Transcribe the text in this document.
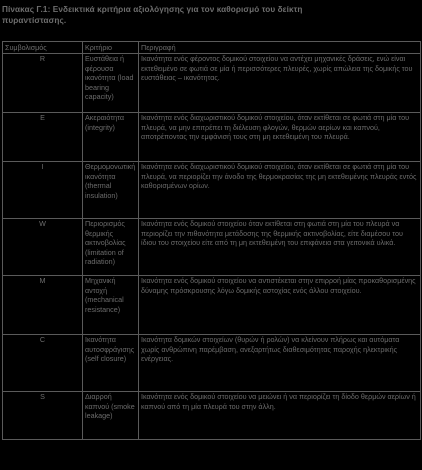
Πίνακας Γ.1: Ενδεικτικά κριτήρια αξιολόγησης για τον καθορισμό του δείκτη
πυραντίστασης.
Συμβολισμός	Κριτήριο	Περιγραφή
R	Ευστάθεια ή φέρουσα ικανότητα (load bearing capacity)	Ικανότητα ενός φέροντος δομικού στοιχείου να αντέχει μηχανικές δράσεις, ενώ είναι εκτεθειμένο σε φωτιά σε μία ή περισσότερες πλευρές, χωρίς απώλεια της δομικής του ευστάθειας – ικανότητας.
E	Ακεραιότητα (integrity)	Ικανότητα ενός διαχωριστικού δομικού στοιχείου, όταν εκτίθεται σε φωτιά στη μία του πλευρά, να μην επιτρέπει τη διέλευση φλογών, θερμών αερίων και καπνού, αποτρέποντας την εμφάνισή τους στη μη εκτεθειμένη του πλευρά.
I	Θερμομονωτική ικανότητα (thermal insulation)	Ικανότητα ενός διαχωριστικού δομικού στοιχείου, όταν εκτίθεται σε φωτιά στη μία του πλευρά, να περιορίζει την άνοδο της θερμοκρασίας της μη εκτεθειμένης πλευράς εντός καθορισμένων ορίων.
W	Περιορισμός θερμικής ακτινοβολίας (limitation of radiation)	Ικανότητα ενός δομικού στοιχείου όταν εκτίθεται στη φωτιά στη μία του πλευρά να περιορίζει την πιθανότητα μετάδοσης της θερμικής ακτινοβολίας, είτε διαμέσου του ίδιου του στοιχείου είτε από τη μη εκτεθειμένη του επιφάνεια στα γειτονικά υλικά.
M	Μηχανική αντοχή (mechanical resistance)	Ικανότητα ενός δομικού στοιχείου να αντιστέκεται στην επιρροή μίας προκαθορισμένης δύναμης πρόσκρουσης λόγω δομικής αστοχίας ενός άλλου στοιχείου.
C	Ικανότητα αυτοσφράγισης (self closure)	Ικανότητα δομικών στοιχείων (θυρών ή ρολών) να κλείνουν πλήρως και αυτόματα χωρίς ανθρώπινη παρέμβαση, ανεξαρτήτως διαθεσιμότητας παροχής ηλεκτρικής ενέργειας.
S	Διαρροή καπνού (smoke leakage)	Ικανότητα ενός δομικού στοιχείου να μειώνει ή να περιορίζει τη δίοδο θερμών αερίων ή καπνού από τη μία πλευρά του στην άλλη.
